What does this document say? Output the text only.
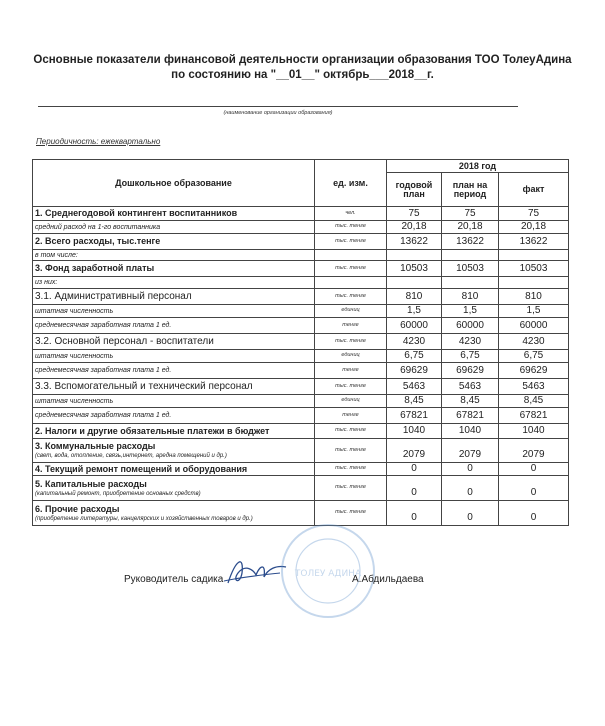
Основные показатели финансовой деятельности организации образования ТОО ТолеуАдина
по состоянию на "__01__" октябрь___2018__г.
(наименование организации образования)
Периодичность: ежеквартально
Дошкольное образование	ед. изм.	2018 год		
		годовой план	план на период	факт
1. Среднегодовой контингент воспитанников	чел.	75	75	75
средний расход на 1-го воспитанника	тыс. тенге	20,18	20,18	20,18
2. Всего расходы, тыс.тенге	тыс. тенге	13622	13622	13622
в том числе:				
3. Фонд заработной платы	тыс. тенге	10503	10503	10503
из них:				
3.1. Административный персонал	тыс. тенге	810	810	810
штатная численность	единиц	1,5	1,5	1,5
среднемесячная заработная плата 1 ед.	тенге	60000	60000	60000
3.2. Основной персонал - воспитатели	тыс. тенге	4230	4230	4230
штатная численность	единиц	6,75	6,75	6,75
среднемесячная заработная плата 1 ед.	тенге	69629	69629	69629
3.3. Вспомогательный и технический персонал	тыс. тенге	5463	5463	5463
штатная численность	единиц	8,45	8,45	8,45
среднемесячная заработная плата 1 ед.	тенге	67821	67821	67821
2. Налоги и другие обязательные платежи в бюджет	тыс. тенге	1040	1040	1040
3. Коммунальные расходы
(свет, вода, отопление, связь,интернет, аредна помещений и др.)	тыс. тенге	2079	2079	2079
4. Текущий ремонт помещений и оборудования	тыс. тенге	0	0	0
5. Капитальные расходы
(капитальный ремонт, приобретение основных средств)	тыс. тенге	0	0	0
6. Прочие расходы
(приобретение литературы, канцелярских и хозяйственных товаров и др.)	тыс. тенге	0	0	0
Руководитель садика	ТОЛЕУ АДИНА
А.Абдильдаева
